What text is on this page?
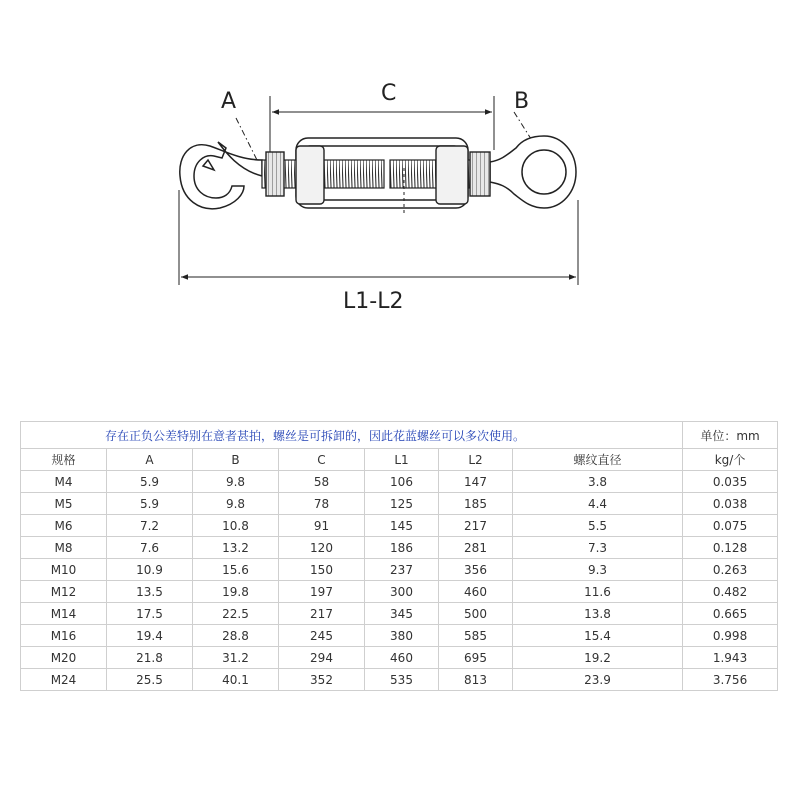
A	C	B
L1-L2
存在正负公差特别在意者甚拍，螺丝是可拆卸的，因此花蓝螺丝可以多次使用。							单位：mm
规格	A	B	C	L1	L2	螺纹直径	kg/个
M4	5.9	9.8	58	106	147	3.8	0.035
M5	5.9	9.8	78	125	185	4.4	0.038
M6	7.2	10.8	91	145	217	5.5	0.075
M8	7.6	13.2	120	186	281	7.3	0.128
M10	10.9	15.6	150	237	356	9.3	0.263
M12	13.5	19.8	197	300	460	11.6	0.482
M14	17.5	22.5	217	345	500	13.8	0.665
M16	19.4	28.8	245	380	585	15.4	0.998
M20	21.8	31.2	294	460	695	19.2	1.943
M24	25.5	40.1	352	535	813	23.9	3.756
